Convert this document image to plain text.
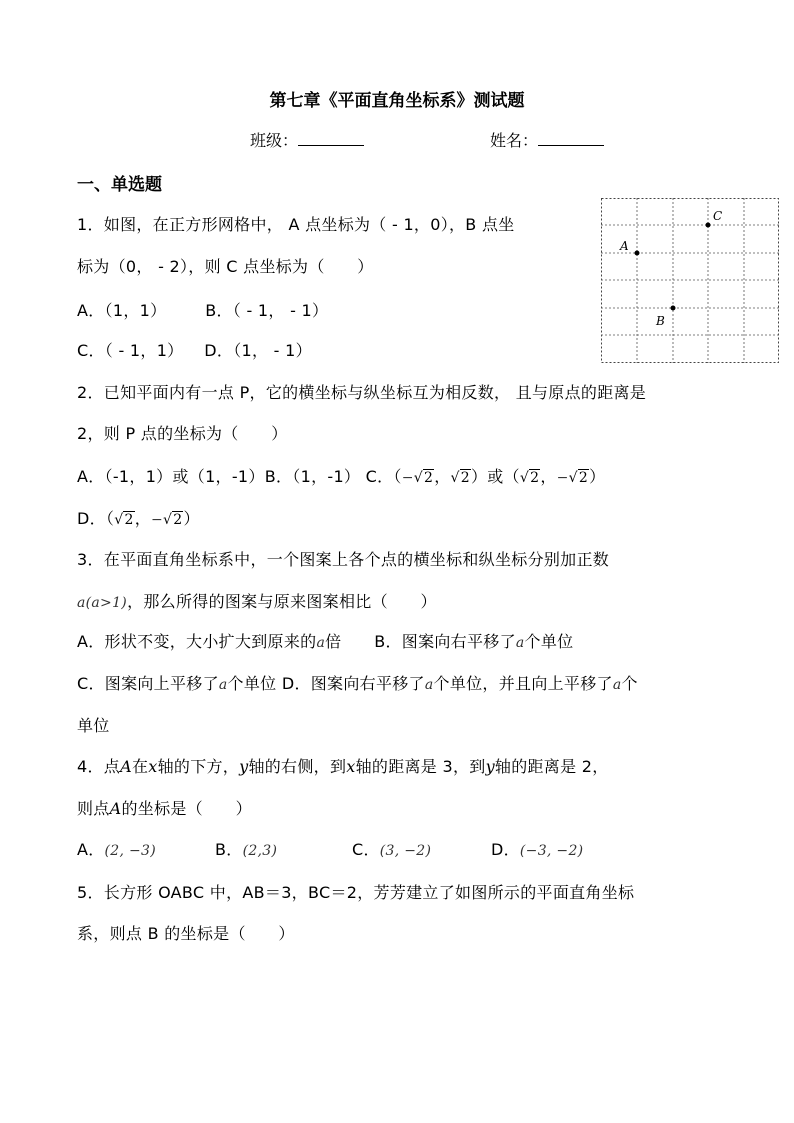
第七章《平面直角坐标系》测试题
班级：	姓名：
一、单选题
1．如图，在正方形网格中， A 点坐标为（ - 1，0），B 点坐
标为（0， - 2），则 C 点坐标为（　　）
A．（1，1） B．（ - 1， - 1）
C．（ - 1，1） D．（1， - 1）
A
B
C
2．已知平面内有一点 P，它的横坐标与纵坐标互为相反数， 且与原点的距离是
2，则 P 点的坐标为（　　）
A．（-1，1）或（1，-1）B．（1，-1） C．（−√2，√2）或（√2，−√2）
D．（√2，−√2）
3．在平面直角坐标系中，一个图案上各个点的横坐标和纵坐标分别加正数
a(a>1)，那么所得的图案与原来图案相比（　　）
A．形状不变，大小扩大到原来的a倍 B．图案向右平移了a个单位
C．图案向上平移了a个单位 D．图案向右平移了a个单位，并且向上平移了a个
单位
4．点A在x轴的下方，y轴的右侧，到x轴的距离是 3，到y轴的距离是 2，
则点A的坐标是（　　）
A．(2, −3)	B．(2,3)	C．(3, −2)	D．(−3, −2)
5．长方形 OABC 中，AB＝3，BC＝2，芳芳建立了如图所示的平面直角坐标
系，则点 B 的坐标是（　　）
